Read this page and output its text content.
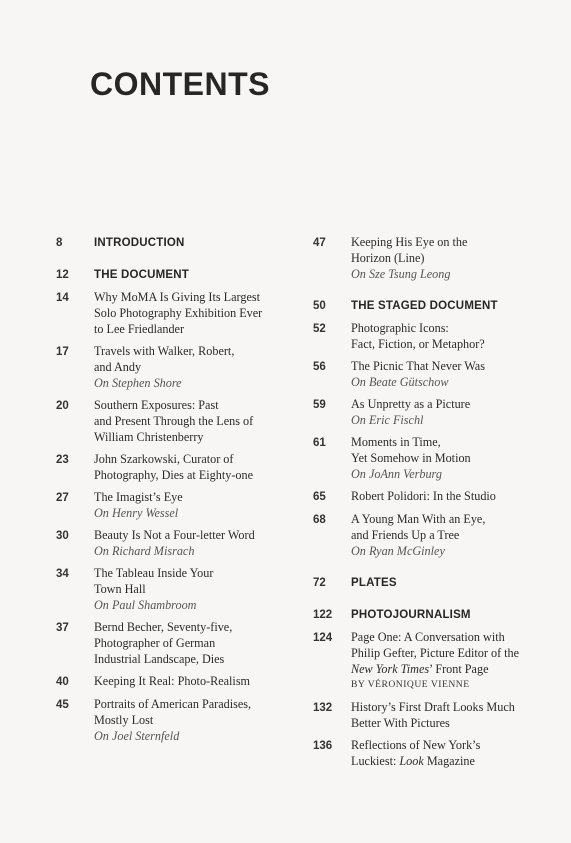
CONTENTS
8	INTRODUCTION
12	THE DOCUMENT
14	Why MoMA Is Giving Its Largest
Solo Photography Exhibition Ever
to Lee Friedlander
17	Travels with Walker, Robert,
and Andy
On Stephen Shore
20	Southern Exposures: Past
and Present Through the Lens of
William Christenberry
23	John Szarkowski, Curator of
Photography, Dies at Eighty-one
27	The Imagist’s Eye
On Henry Wessel
30	Beauty Is Not a Four-letter Word
On Richard Misrach
34	The Tableau Inside Your
Town Hall
On Paul Shambroom
37	Bernd Becher, Seventy-five,
Photographer of German
Industrial Landscape, Dies
40	Keeping It Real: Photo-Realism
45	Portraits of American Paradises,
Mostly Lost
On Joel Sternfeld
47	Keeping His Eye on the
Horizon (Line)
On Sze Tsung Leong
50	THE STAGED DOCUMENT
52	Photographic Icons:
Fact, Fiction, or Metaphor?
56	The Picnic That Never Was
On Beate Gütschow
59	As Unpretty as a Picture
On Eric Fischl
61	Moments in Time,
Yet Somehow in Motion
On JoAnn Verburg
65	Robert Polidori: In the Studio
68	A Young Man With an Eye,
and Friends Up a Tree
On Ryan McGinley
72	PLATES
122	PHOTOJOURNALISM
124	Page One: A Conversation with
Philip Gefter, Picture Editor of the
New York Times’ Front Page
BY VÉRONIQUE VIENNE
132	History’s First Draft Looks Much
Better With Pictures
136	Reflections of New York’s
Luckiest: Look Magazine
